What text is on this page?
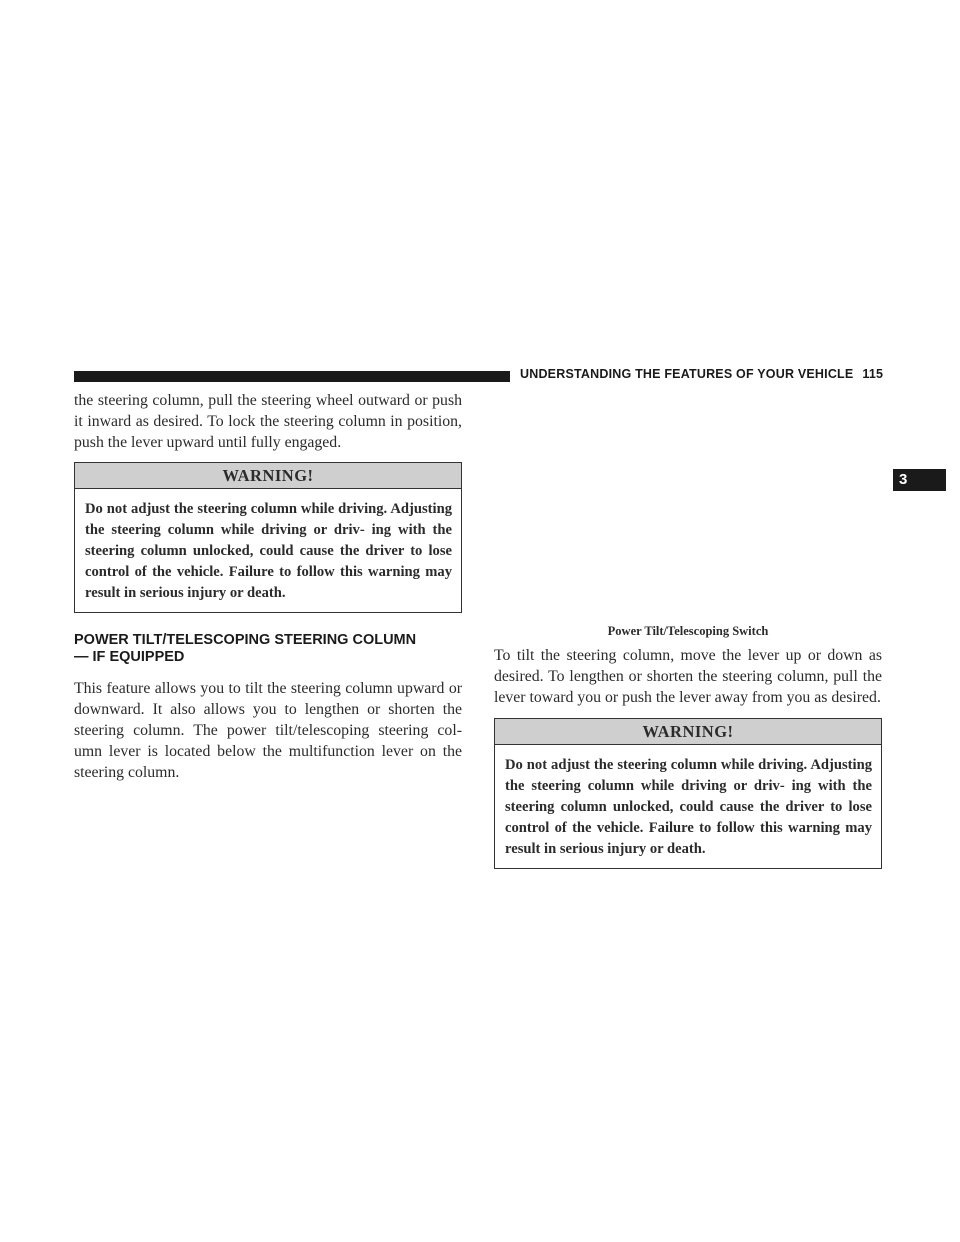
UNDERSTANDING THE FEATURES OF YOUR VEHICLE 115
3

the steering column, pull the steering wheel outward or push it inward as desired. To lock the steering column in position, push the lever upward until fully engaged.

WARNING!
Do not adjust the steering column while driving. Adjusting the steering column while driving or driv- ing with the steering column unlocked, could cause the driver to lose control of the vehicle. Failure to follow this warning may result in serious injury or death.
POWER TILT/TELESCOPING STEERING COLUMN
— IF EQUIPPED

This feature allows you to tilt the steering column upward or downward. It also allows you to lengthen or shorten the steering column. The power tilt/telescoping steering col- umn lever is located below the multifunction lever on the steering column.

Power Tilt/Telescoping Switch

To tilt the steering column, move the lever up or down as desired. To lengthen or shorten the steering column, pull the lever toward you or push the lever away from you as desired.

WARNING!
Do not adjust the steering column while driving. Adjusting the steering column while driving or driv- ing with the steering column unlocked, could cause the driver to lose control of the vehicle. Failure to follow this warning may result in serious injury or death.
